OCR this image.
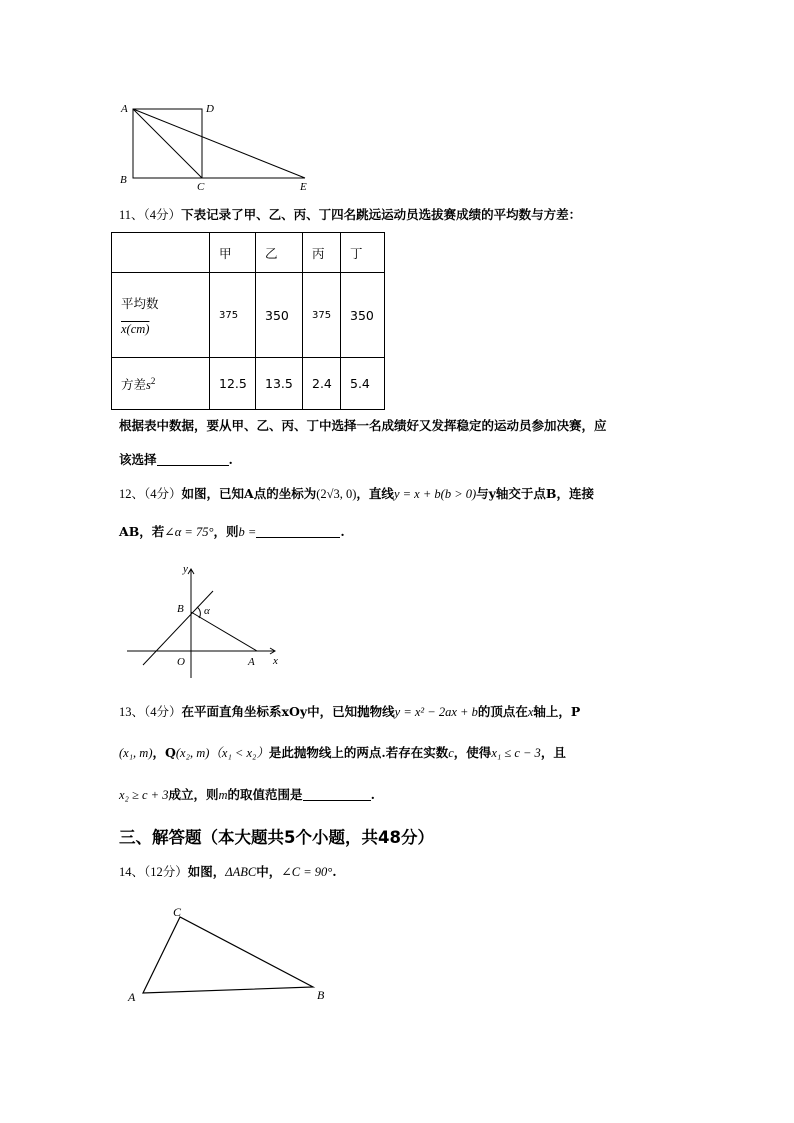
A	D
B
C	E
11、（4分）下表记录了甲、乙、丙、丁四名跳远运动员选拔赛成绩的平均数与方差：
	甲	乙	丙	丁

平均数
x(cm)	375	350	375	350
方差$s^2$	12.5	13.5	2.4	5.4
根据表中数据，要从甲、乙、丙、丁中选择一名成绩好又发挥稳定的运动员参加决赛，应
该选择	.
12、（4分）如图，已知A点的坐标为(2√3, 0)，直线y = x + b(b > 0)与y轴交于点B，连接
AB，若∠α = 75°，则b =	.
y
x
O	A
B α
13、（4分）在平面直角坐标系xOy中，已知抛物线y = x² − 2ax + b的顶点在x轴上，P
(x₁, m)，Q(x₂, m)（x₁ < x₂）是此抛物线上的两点.若存在实数c，使得x₁ ≤ c − 3，且
x₂ ≥ c + 3成立，则m的取值范围是	.
三、解答题（本大题共5个小题，共48分）
14、（12分）如图，ΔABC中，∠C = 90°.
C
A	B
